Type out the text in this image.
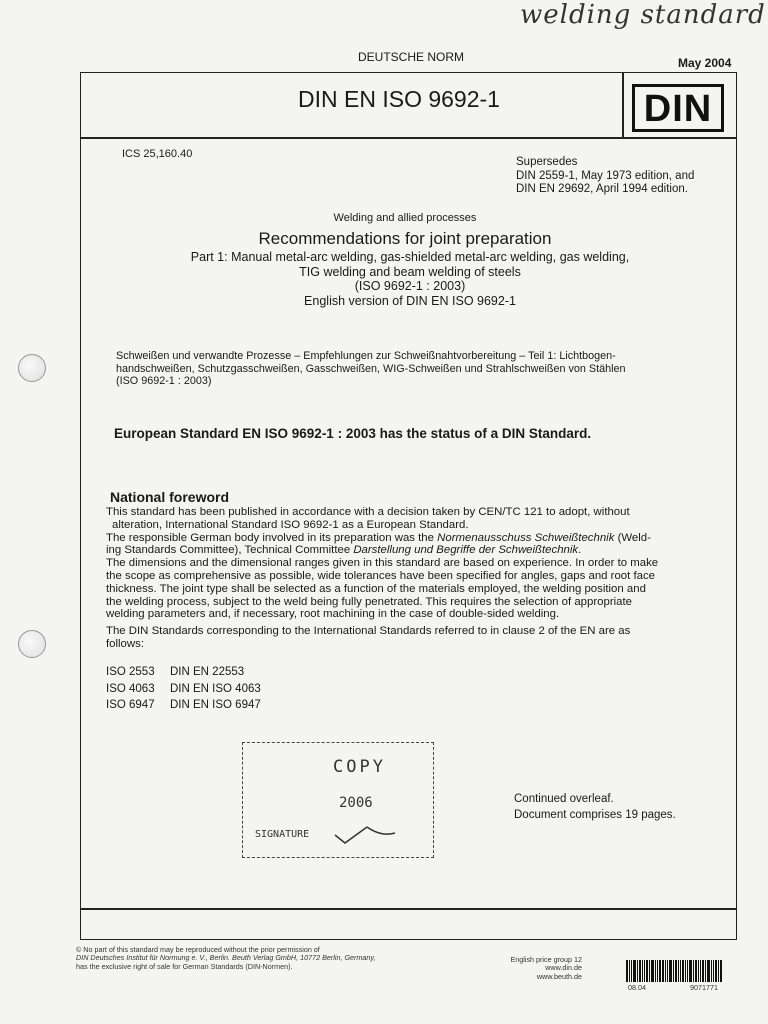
welding standard
DEUTSCHE NORM	May 2004
DIN EN ISO 9692-1	DIN
ICS 25,160.40
Supersedes
DIN 2559-1, May 1973 edition, and
DIN EN 29692, April 1994 edition.
Welding and allied processes
Recommendations for joint preparation
Part 1: Manual metal-arc welding, gas-shielded metal-arc welding, gas welding,
TIG welding and beam welding of steels
(ISO 9692-1 : 2003)
English version of DIN EN ISO 9692-1
Schweißen und verwandte Prozesse – Empfehlungen zur Schweißnahtvorbereitung – Teil 1: Lichtbogen-
handschweißen, Schutzgasschweißen, Gasschweißen, WIG-Schweißen und Strahlschweißen von Stählen
(ISO 9692-1 : 2003)
European Standard EN ISO 9692-1 : 2003 has the status of a DIN Standard.
National foreword
This standard has been published in accordance with a decision taken by CEN/TC 121 to adopt, without
alteration, International Standard ISO 9692-1 as a European Standard.
The responsible German body involved in its preparation was the Normenausschuss Schweißtechnik (Weld-
ing Standards Committee), Technical Committee Darstellung und Begriffe der Schweißtechnik.
The dimensions and the dimensional ranges given in this standard are based on experience. In order to make
the scope as comprehensive as possible, wide tolerances have been specified for angles, gaps and root face
thickness. The joint type shall be selected as a function of the materials employed, the welding position and
the welding process, subject to the weld being fully penetrated. This requires the selection of appropriate
welding parameters and, if necessary, root machining in the case of double-sided welding.
The DIN Standards corresponding to the International Standards referred to in clause 2 of the EN are as
follows:
ISO 2553	DIN EN 22553
ISO 4063	DIN EN ISO 4063
ISO 6947	DIN EN ISO 6947
COPY
2006
SIGNATURE
Continued overleaf.
Document comprises 19 pages.
© No part of this standard may be reproduced without the prior permission of
DIN Deutsches Institut für Normung e. V., Berlin. Beuth Verlag GmbH, 10772 Berlin, Germany,
has the exclusive right of sale for German Standards (DIN-Normen).
English price group 12
www.din.de
www.beuth.de
08.04	9071771
